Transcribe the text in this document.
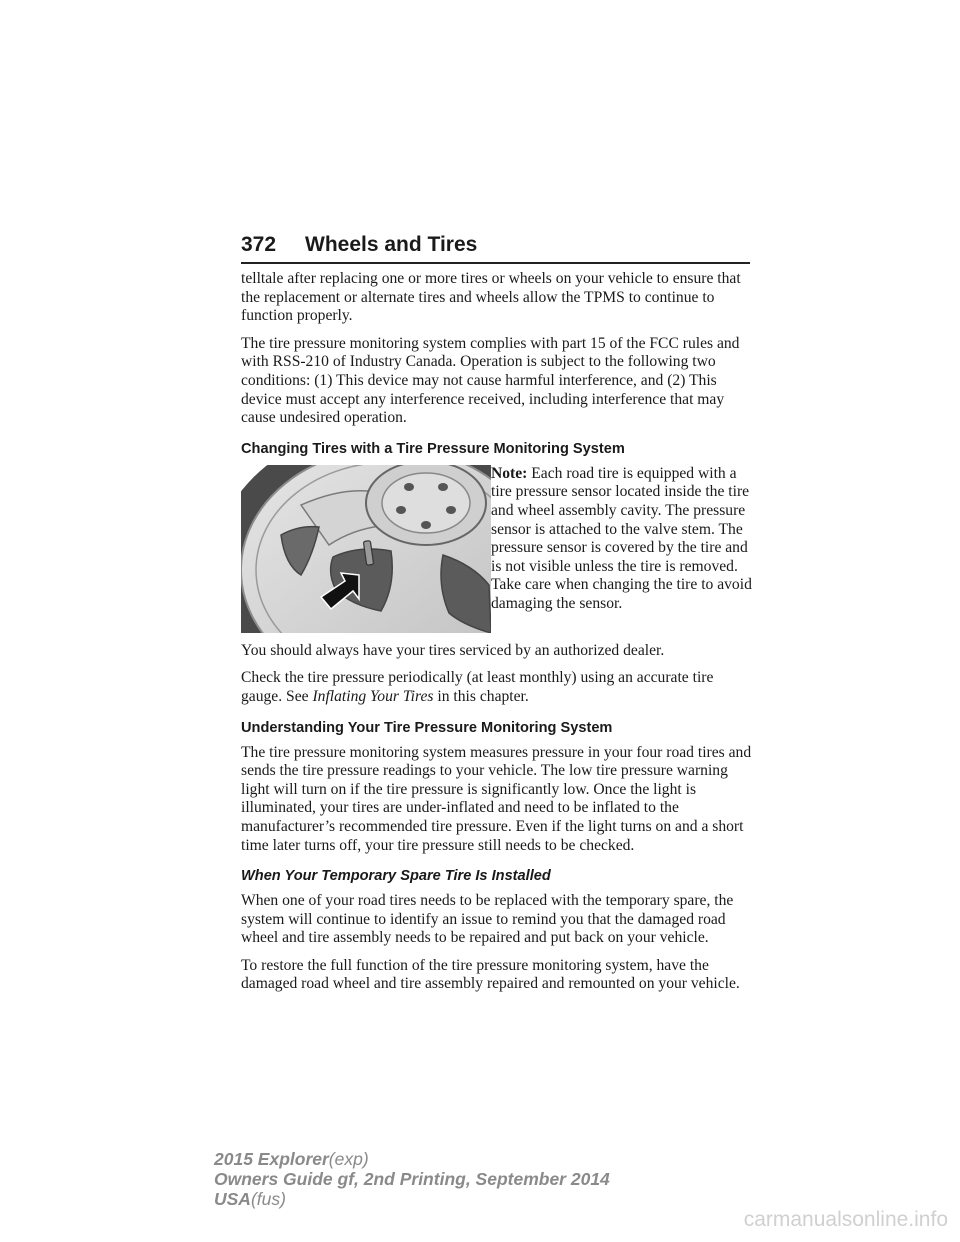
372 Wheels and Tires

telltale after replacing one or more tires or wheels on your vehicle to ensure that the replacement or alternate tires and wheels allow the TPMS to continue to function properly.

The tire pressure monitoring system complies with part 15 of the FCC rules and with RSS-210 of Industry Canada. Operation is subject to the following two conditions: (1) This device may not cause harmful interference, and (2) This device must accept any interference received, including interference that may cause undesired operation.

Changing Tires with a Tire Pressure Monitoring System

Note: Each road tire is equipped with a tire pressure sensor located inside the tire and wheel assembly cavity. The pressure sensor is attached to the valve stem. The pressure sensor is covered by the tire and is not visible unless the tire is removed. Take care when changing the tire to avoid damaging the sensor.

You should always have your tires serviced by an authorized dealer.

Check the tire pressure periodically (at least monthly) using an accurate tire gauge. See Inflating Your Tires in this chapter.

Understanding Your Tire Pressure Monitoring System

The tire pressure monitoring system measures pressure in your four road tires and sends the tire pressure readings to your vehicle. The low tire pressure warning light will turn on if the tire pressure is significantly low. Once the light is illuminated, your tires are under-inflated and need to be inflated to the manufacturer’s recommended tire pressure. Even if the light turns on and a short time later turns off, your tire pressure still needs to be checked.

When Your Temporary Spare Tire Is Installed

When one of your road tires needs to be replaced with the temporary spare, the system will continue to identify an issue to remind you that the damaged road wheel and tire assembly needs to be repaired and put back on your vehicle.

To restore the full function of the tire pressure monitoring system, have the damaged road wheel and tire assembly repaired and remounted on your vehicle.

2015 Explorer(exp)
Owners Guide gf, 2nd Printing, September 2014
USA(fus)
carmanualsonline.info
